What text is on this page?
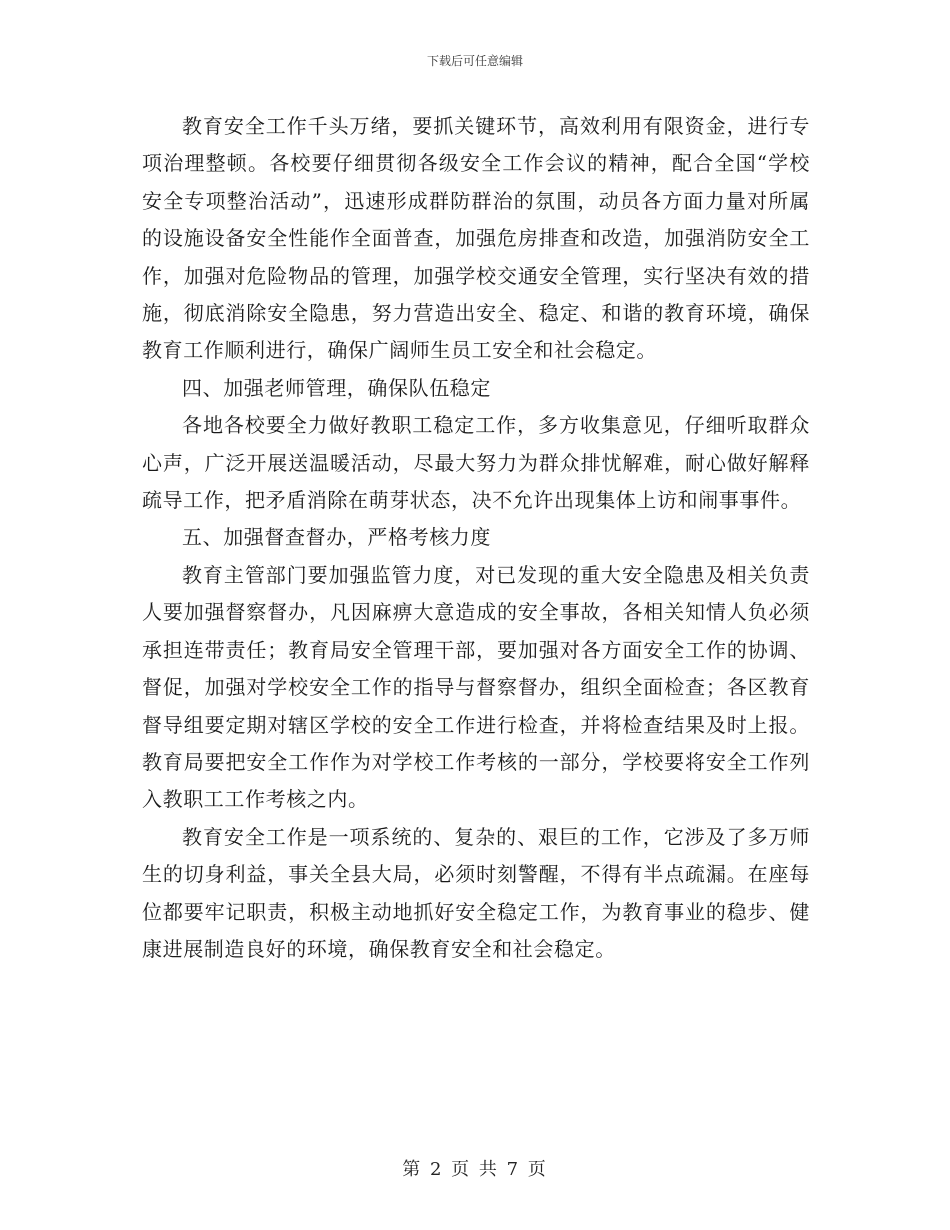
下载后可任意编辑

教育安全工作千头万绪，要抓关键环节，高效利用有限资金，进行专项治理整顿。各校要仔细贯彻各级安全工作会议的精神，配合全国“学校安全专项整治活动”，迅速形成群防群治的氛围，动员各方面力量对所属的设施设备安全性能作全面普查，加强危房排查和改造，加强消防安全工作，加强对危险物品的管理，加强学校交通安全管理，实行坚决有效的措施，彻底消除安全隐患，努力营造出安全、稳定、和谐的教育环境，确保教育工作顺利进行，确保广阔师生员工安全和社会稳定。

四、加强老师管理，确保队伍稳定

各地各校要全力做好教职工稳定工作，多方收集意见，仔细听取群众心声，广泛开展送温暖活动，尽最大努力为群众排忧解难，耐心做好解释疏导工作，把矛盾消除在萌芽状态，决不允许出现集体上访和闹事事件。

五、加强督查督办，严格考核力度

教育主管部门要加强监管力度，对已发现的重大安全隐患及相关负责人要加强督察督办，凡因麻痹大意造成的安全事故，各相关知情人负必须承担连带责任；教育局安全管理干部，要加强对各方面安全工作的协调、督促，加强对学校安全工作的指导与督察督办，组织全面检查；各区教育督导组要定期对辖区学校的安全工作进行检查，并将检查结果及时上报。教育局要把安全工作作为对学校工作考核的一部分，学校要将安全工作列入教职工工作考核之内。

教育安全工作是一项系统的、复杂的、艰巨的工作，它涉及了多万师生的切身利益，事关全县大局，必须时刻警醒，不得有半点疏漏。在座每位都要牢记职责，积极主动地抓好安全稳定工作，为教育事业的稳步、健康进展制造良好的环境，确保教育安全和社会稳定。

第 2 页 共 7 页
